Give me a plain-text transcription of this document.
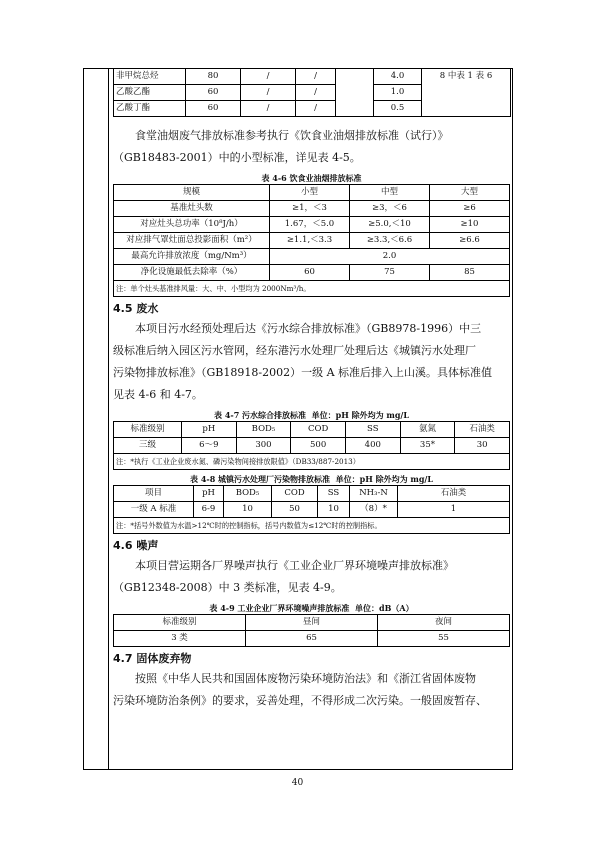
非甲烷总烃	80	/	/		4.0	8 中表 1 表 6
乙酸乙酯	60	/	/		1.0	
乙酸丁酯	60	/	/		0.5	

食堂油烟废气排放标准参考执行《饮食业油烟排放标准（试行）》

（GB18483-2001）中的小型标准，详见表 4-5。

表 4-6 饮食业油烟排放标准
规模	小型	中型	大型
基准灶头数	≥1，＜3	≥3，＜6	≥6
对应灶头总功率（10⁸J/h）	1.67，＜5.0	≥5.0,＜10	≥10
对应排气罩灶面总投影面积（m²）	≥1.1,＜3.3	≥3.3,＜6.6	≥6.6
最高允许排放浓度（mg/Nm³）	2.0		
净化设施最低去除率（%）	60	75	85
注：单个灶头基准排风量：大、中、小型均为 2000Nm³/h。			
4.5 废水

本项目污水经预处理后达《污水综合排放标准》（GB8978-1996）中三

级标准后纳入园区污水管网，经东港污水处理厂处理后达《城镇污水处理厂

污染物排放标准》（GB18918-2002）一级 A 标准后排入上山溪。具体标准值

见表 4-6 和 4-7。

表 4-7 污水综合排放标准 单位：pH 除外均为 mg/L
标准级别	pH	BOD₅	COD	SS	氨氮	石油类
三级	6～9	300	500	400	35*	30
注：*执行《工业企业废水氮、磷污染物间接排放限值》（DB33/887-2013）						
表 4-8 城镇污水处理厂污染物排放标准 单位：pH 除外均为 mg/L
项目	pH	BOD₅	COD	SS	NH₃-N	石油类
一级 A 标准	6-9	10	50	10	（8）*	1
注：*括号外数值为水温>12℃时的控制指标，括号内数值为≤12℃时的控制指标。						
4.6 噪声

本项目营运期各厂界噪声执行《工业企业厂界环境噪声排放标准》

（GB12348-2008）中 3 类标准，见表 4-9。

表 4-9 工业企业厂界环境噪声排放标准 单位：dB（A）
标准级别	昼间	夜间
3 类	65	55
4.7 固体废弃物

按照《中华人民共和国固体废物污染环境防治法》和《浙江省固体废物

污染环境防治条例》的要求，妥善处理，不得形成二次污染。一般固废暂存、

40
